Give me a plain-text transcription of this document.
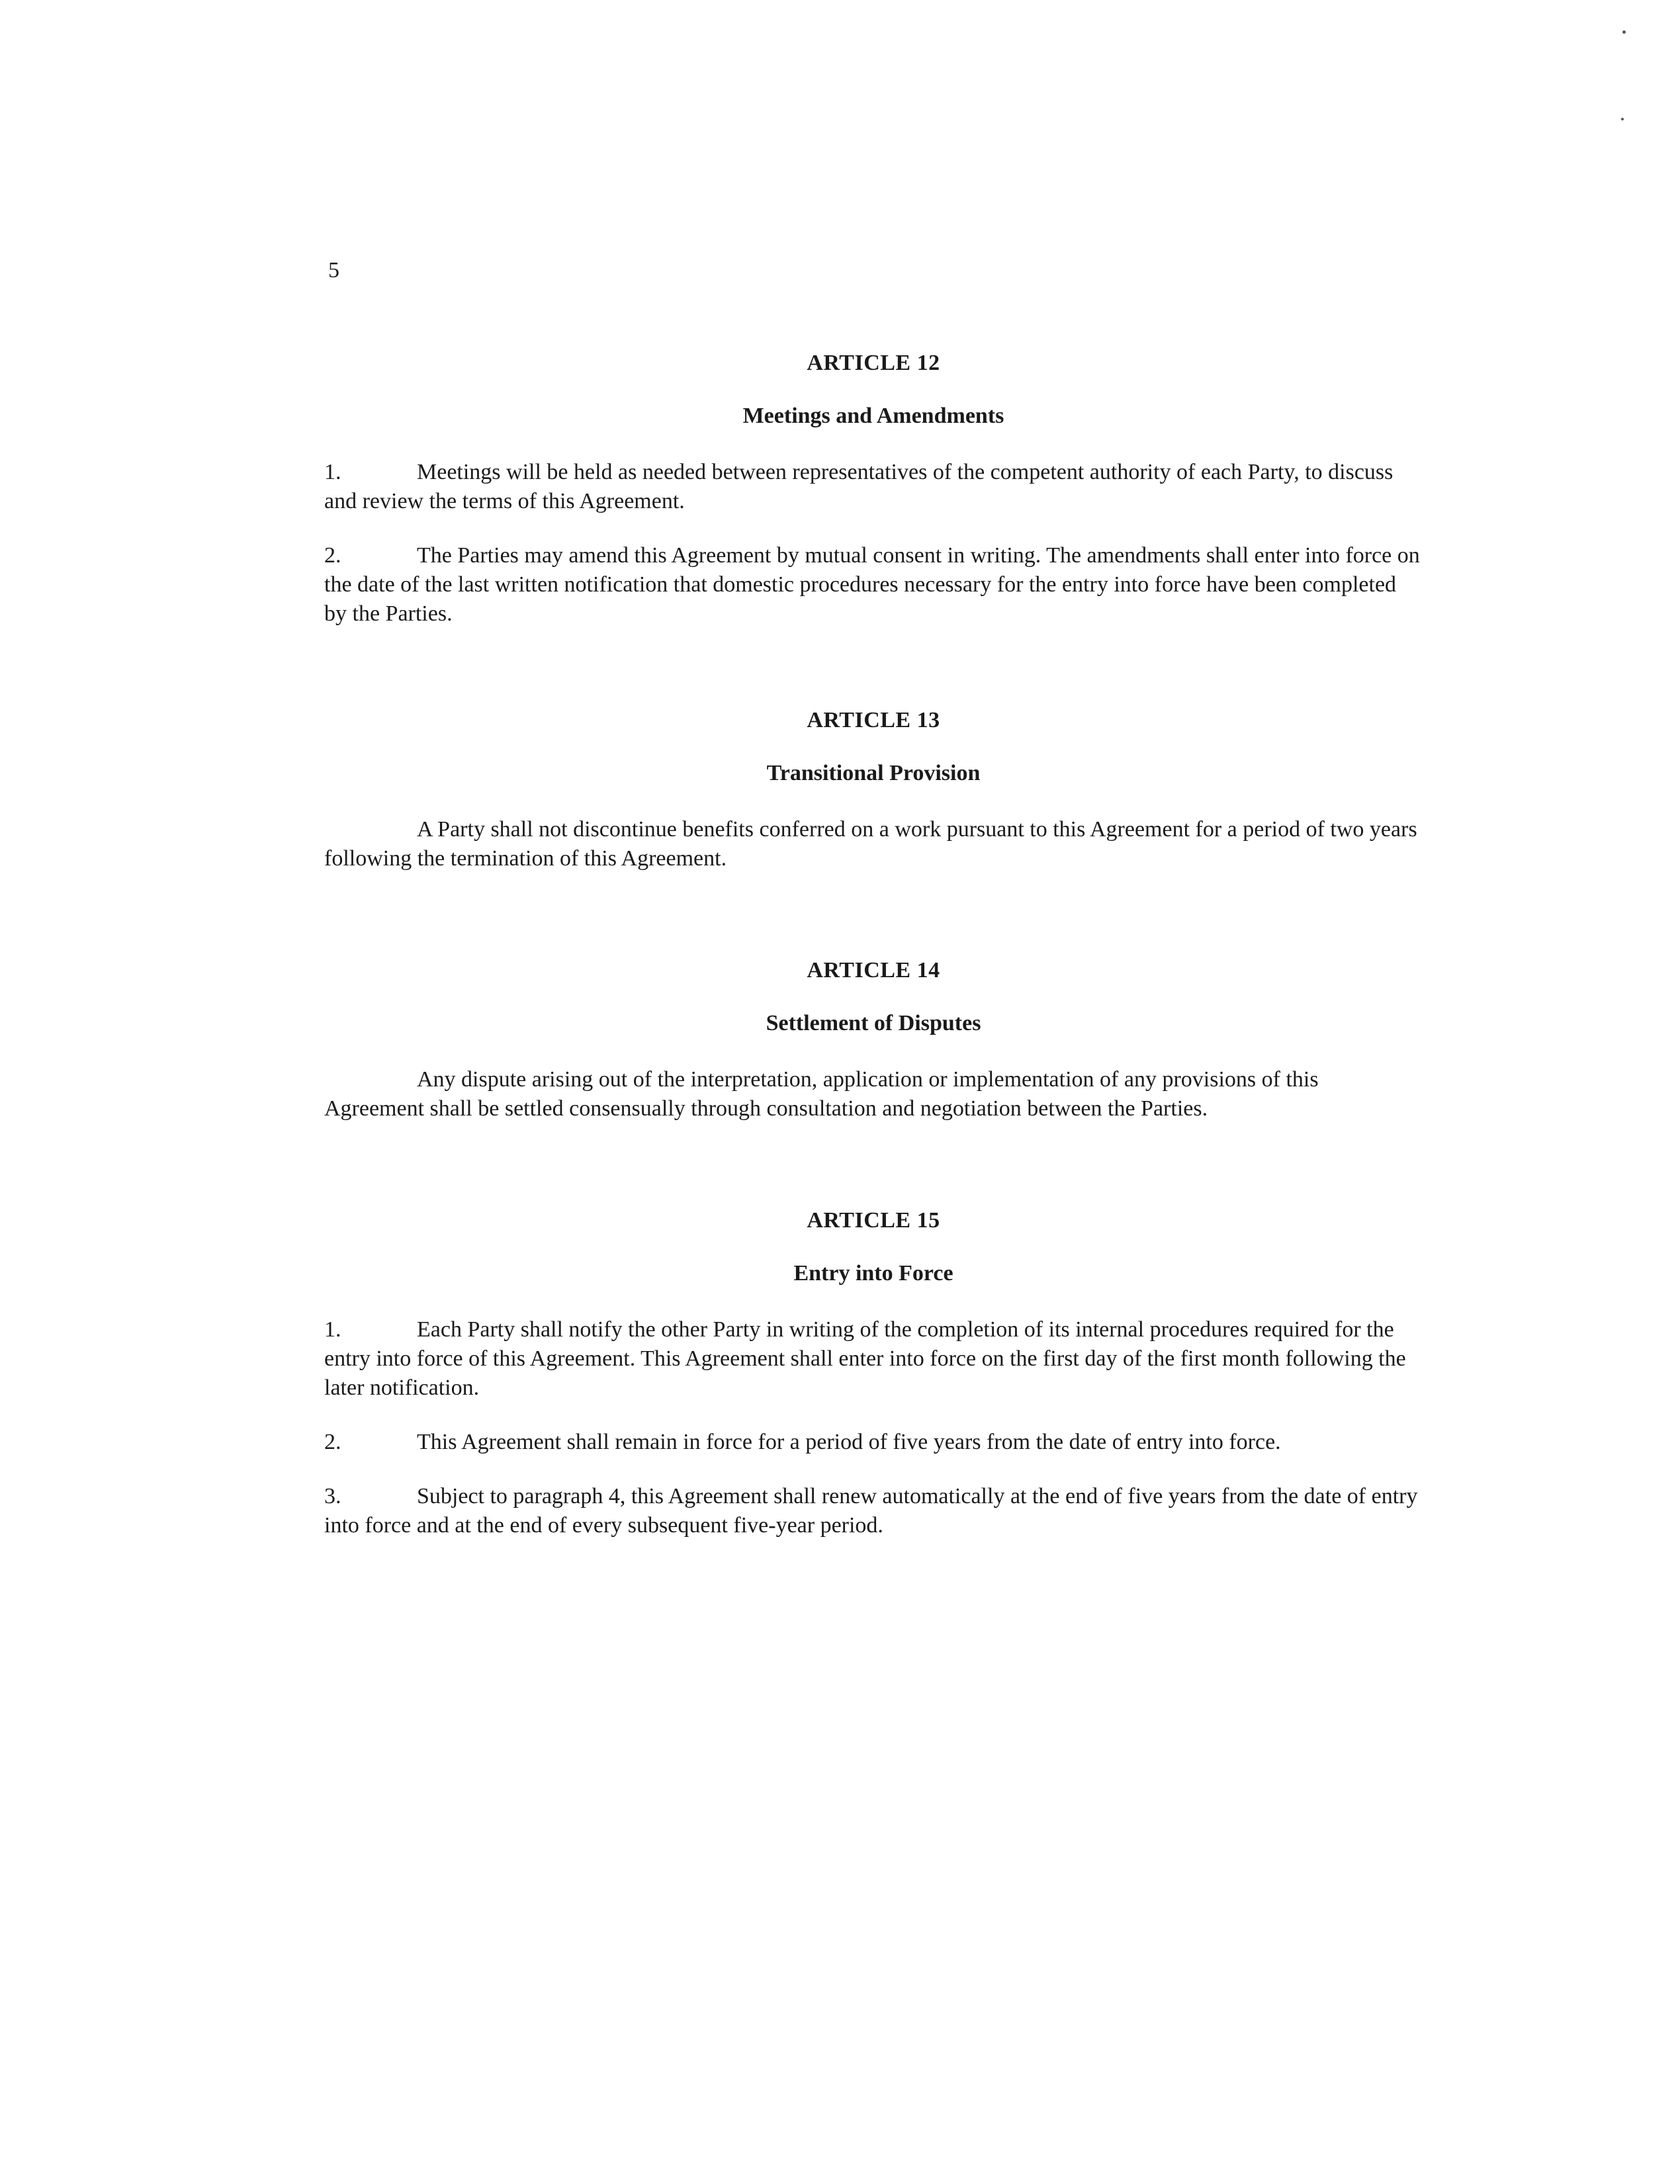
5
ARTICLE 12
Meetings and Amendments

1.	Meetings will be held as needed between representatives of the competent authority of each Party, to discuss and review the terms of this Agreement.

2.	The Parties may amend this Agreement by mutual consent in writing. The amendments shall enter into force on the date of the last written notification that domestic procedures necessary for the entry into force have been completed by the Parties.

ARTICLE 13
Transitional Provision

A Party shall not discontinue benefits conferred on a work pursuant to this Agreement for a period of two years following the termination of this Agreement.

ARTICLE 14
Settlement of Disputes

Any dispute arising out of the interpretation, application or implementation of any provisions of this Agreement shall be settled consensually through consultation and negotiation between the Parties.

ARTICLE 15
Entry into Force

1.	Each Party shall notify the other Party in writing of the completion of its internal procedures required for the entry into force of this Agreement. This Agreement shall enter into force on the first day of the first month following the later notification.

2.	This Agreement shall remain in force for a period of five years from the date of entry into force.

3.	Subject to paragraph 4, this Agreement shall renew automatically at the end of five years from the date of entry into force and at the end of every subsequent five-year period.
